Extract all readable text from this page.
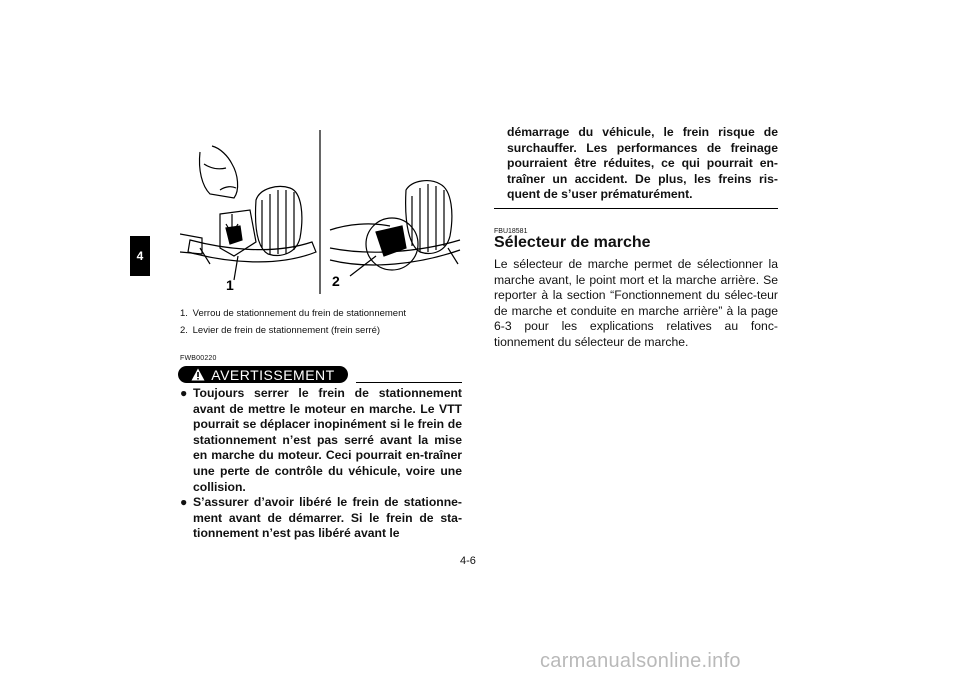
4
1	2
1. Verrou de stationnement du frein de stationnement
2. Levier de frein de stationnement (frein serré)
FWB00220
AVERTISSEMENT
● Toujours serrer le frein de stationnement avant de mettre le moteur en marche. Le VTT pourrait se déplacer inopinément si le frein de stationnement n’est pas serré avant la mise en marche du moteur. Ceci pourrait en-traîner une perte de contrôle du véhicule, voire une collision.
● S’assurer d’avoir libéré le frein de stationne-ment avant de démarrer. Si le frein de sta-tionnement n’est pas libéré avant le
démarrage du véhicule, le frein risque de surchauffer. Les performances de freinage pourraient être réduites, ce qui pourrait en-traîner un accident. De plus, les freins ris-quent de s’user prématurément.
FBU18581
Sélecteur de marche
Le sélecteur de marche permet de sélectionner la marche avant, le point mort et la marche arrière. Se reporter à la section “Fonctionnement du sélec-teur de marche et conduite en marche arrière” à la page 6-3 pour les explications relatives au fonc-tionnement du sélecteur de marche.
4-6
carmanualsonline.info
